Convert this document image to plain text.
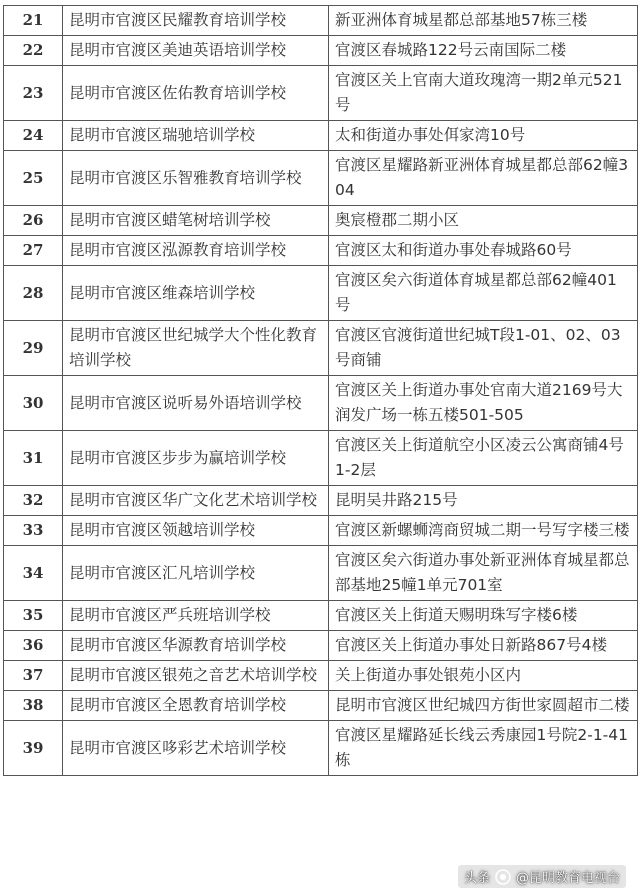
21	昆明市官渡区民耀教育培训学校	新亚洲体育城星都总部基地57栋三楼
22	昆明市官渡区美迪英语培训学校	官渡区春城路122号云南国际二楼
23	昆明市官渡区佐佑教育培训学校	官渡区关上官南大道玫瑰湾一期2单元521号
24	昆明市官渡区瑞驰培训学校	太和街道办事处佴家湾10号
25	昆明市官渡区乐智雅教育培训学校	官渡区星耀路新亚洲体育城星都总部62幢304
26	昆明市官渡区蜡笔树培训学校	奥宸橙郡二期小区
27	昆明市官渡区泓源教育培训学校	官渡区太和街道办事处春城路60号
28	昆明市官渡区维森培训学校	官渡区矣六街道体育城星都总部62幢401号
29	昆明市官渡区世纪城学大个性化教育培训学校	官渡区官渡街道世纪城T段1-01、02、03号商铺
30	昆明市官渡区说听易外语培训学校	官渡区关上街道办事处官南大道2169号大润发广场一栋五楼501-505
31	昆明市官渡区步步为赢培训学校	官渡区关上街道航空小区凌云公寓商铺4号1-2层
32	昆明市官渡区华广文化艺术培训学校	昆明吴井路215号
33	昆明市官渡区领越培训学校	官渡区新螺蛳湾商贸城二期一号写字楼三楼
34	昆明市官渡区汇凡培训学校	官渡区矣六街道办事处新亚洲体育城星都总部基地25幢1单元701室
35	昆明市官渡区严兵班培训学校	官渡区关上街道天赐明珠写字楼6楼
36	昆明市官渡区华源教育培训学校	官渡区关上街道办事处日新路867号4楼
37	昆明市官渡区银苑之音艺术培训学校	关上街道办事处银苑小区内
38	昆明市官渡区全恩教育培训学校	昆明市官渡区世纪城四方街世家圆超市二楼
39	昆明市官渡区哆彩艺术培训学校	官渡区星耀路延长线云秀康园1号院2-1-41栋
头条 @昆明教育电视台
